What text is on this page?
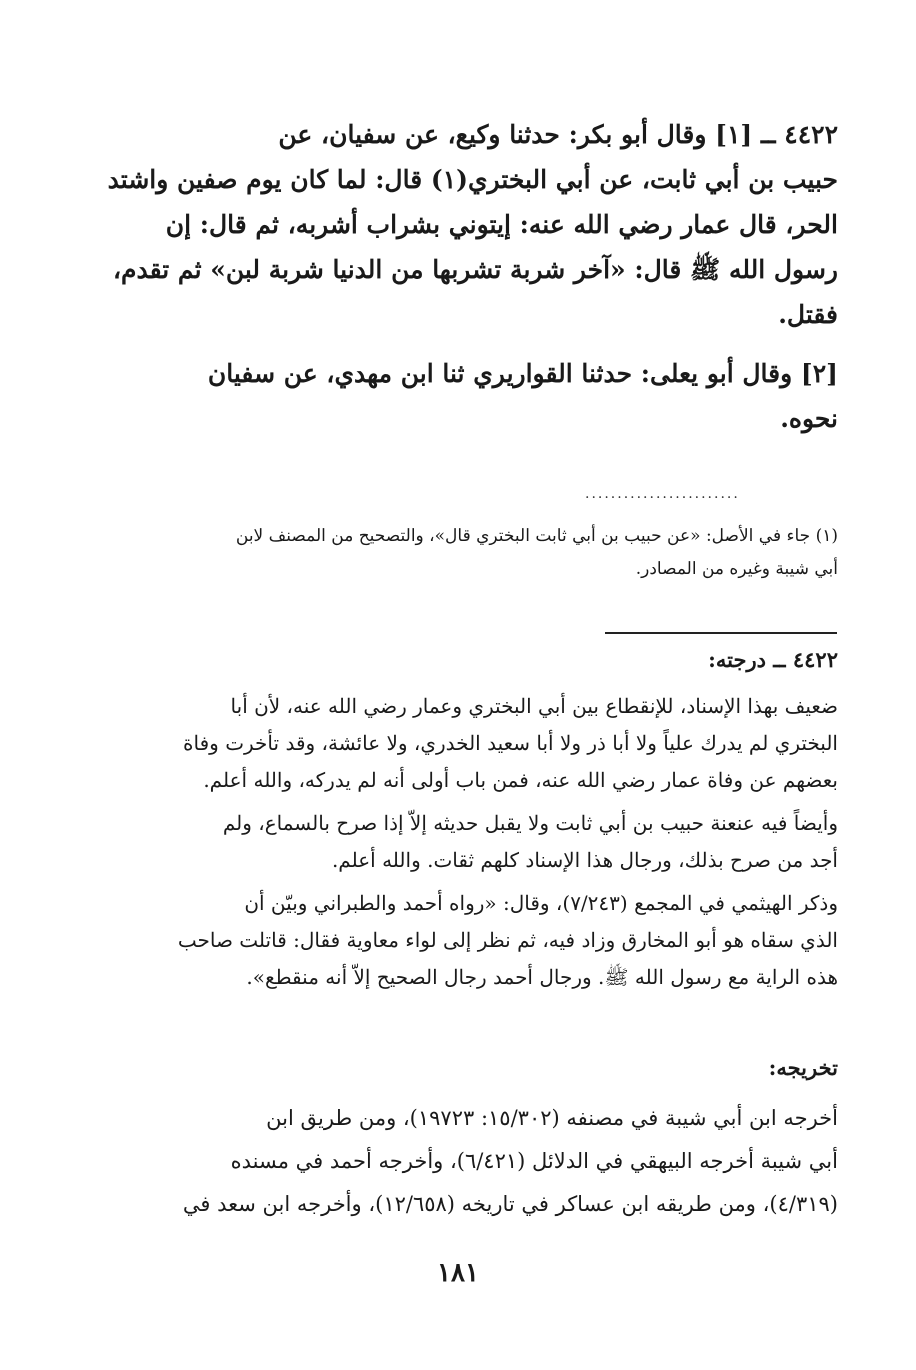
٤٤٢٢ ــ [١] وقال أبو بكر: حدثنا وكيع، عن سفيان، عن
حبيب بن أبي ثابت، عن أبي البختري(١) قال: لما كان يوم صفين واشتد
الحر، قال عمار رضي الله عنه: إيتوني بشراب أشربه، ثم قال: إن
رسول الله ﷺ قال: «آخر شربة تشربها من الدنيا شربة لبن» ثم تقدم،
فقتل.
[٢] وقال أبو يعلى: حدثنا القواريري ثنا ابن مهدي، عن سفيان
نحوه.
........................
(١) جاء في الأصل: «عن حبيب بن أبي ثابت البختري قال»، والتصحيح من المصنف لابن
أبي شيبة وغيره من المصادر.
٤٤٢٢ ــ درجته:
ضعيف بهذا الإسناد، للإنقطاع بين أبي البختري وعمار رضي الله عنه، لأن أبا
البختري لم يدرك علياً ولا أبا ذر ولا أبا سعيد الخدري، ولا عائشة، وقد تأخرت وفاة
بعضهم عن وفاة عمار رضي الله عنه، فمن باب أولى أنه لم يدركه، والله أعلم.
وأيضاً فيه عنعنة حبيب بن أبي ثابت ولا يقبل حديثه إلاّ إذا صرح بالسماع، ولم
أجد من صرح بذلك، ورجال هذا الإسناد كلهم ثقات. والله أعلم.
وذكر الهيثمي في المجمع (٧/٢٤٣)، وقال: «رواه أحمد والطبراني وبيّن أن
الذي سقاه هو أبو المخارق وزاد فيه، ثم نظر إلى لواء معاوية فقال: قاتلت صاحب
هذه الراية مع رسول الله ﷺ. ورجال أحمد رجال الصحيح إلاّ أنه منقطع».
تخريجه:
أخرجه ابن أبي شيبة في مصنفه (١٥/٣٠٢: ١٩٧٢٣)، ومن طريق ابن
أبي شيبة أخرجه البيهقي في الدلائل (٦/٤٢١)، وأخرجه أحمد في مسنده
(٤/٣١٩)، ومن طريقه ابن عساكر في تاريخه (١٢/٦٥٨)، وأخرجه ابن سعد في
١٨١
